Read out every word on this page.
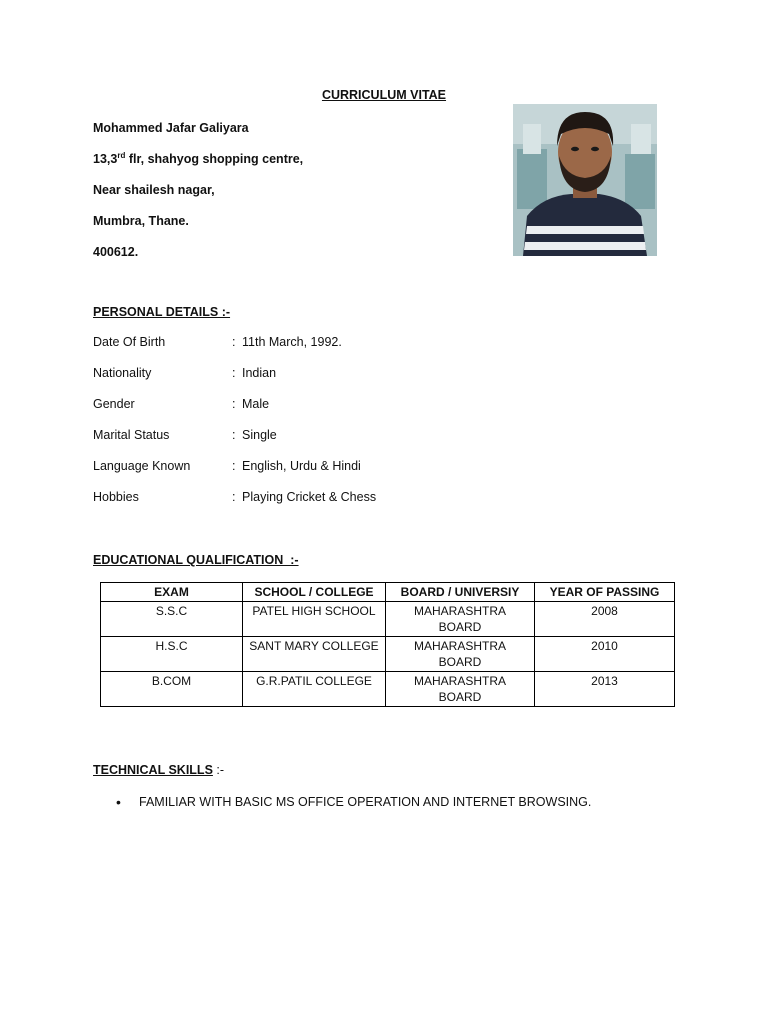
CURRICULUM VITAE
Mohammed Jafar Galiyara
13,3rd flr, shahyog shopping centre,
Near shailesh nagar,
Mumbra, Thane.
400612.
PERSONAL DETAILS :-
Date Of Birth	: 11th March, 1992.
Nationality	: Indian
Gender	: Male
Marital Status	: Single
Language Known	: English, Urdu & Hindi
Hobbies	: Playing Cricket & Chess
EDUCATIONAL QUALIFICATION  :-
EXAM	SCHOOL / COLLEGE	BOARD / UNIVERSIY	YEAR OF PASSING
S.S.C	PATEL HIGH SCHOOL	MAHARASHTRA BOARD	2008
H.S.C	SANT MARY COLLEGE	MAHARASHTRA BOARD	2010
B.COM	G.R.PATIL COLLEGE	MAHARASHTRA BOARD	2013
TECHNICAL SKILLS :-
• FAMILIAR WITH BASIC MS OFFICE OPERATION AND INTERNET BROWSING.
